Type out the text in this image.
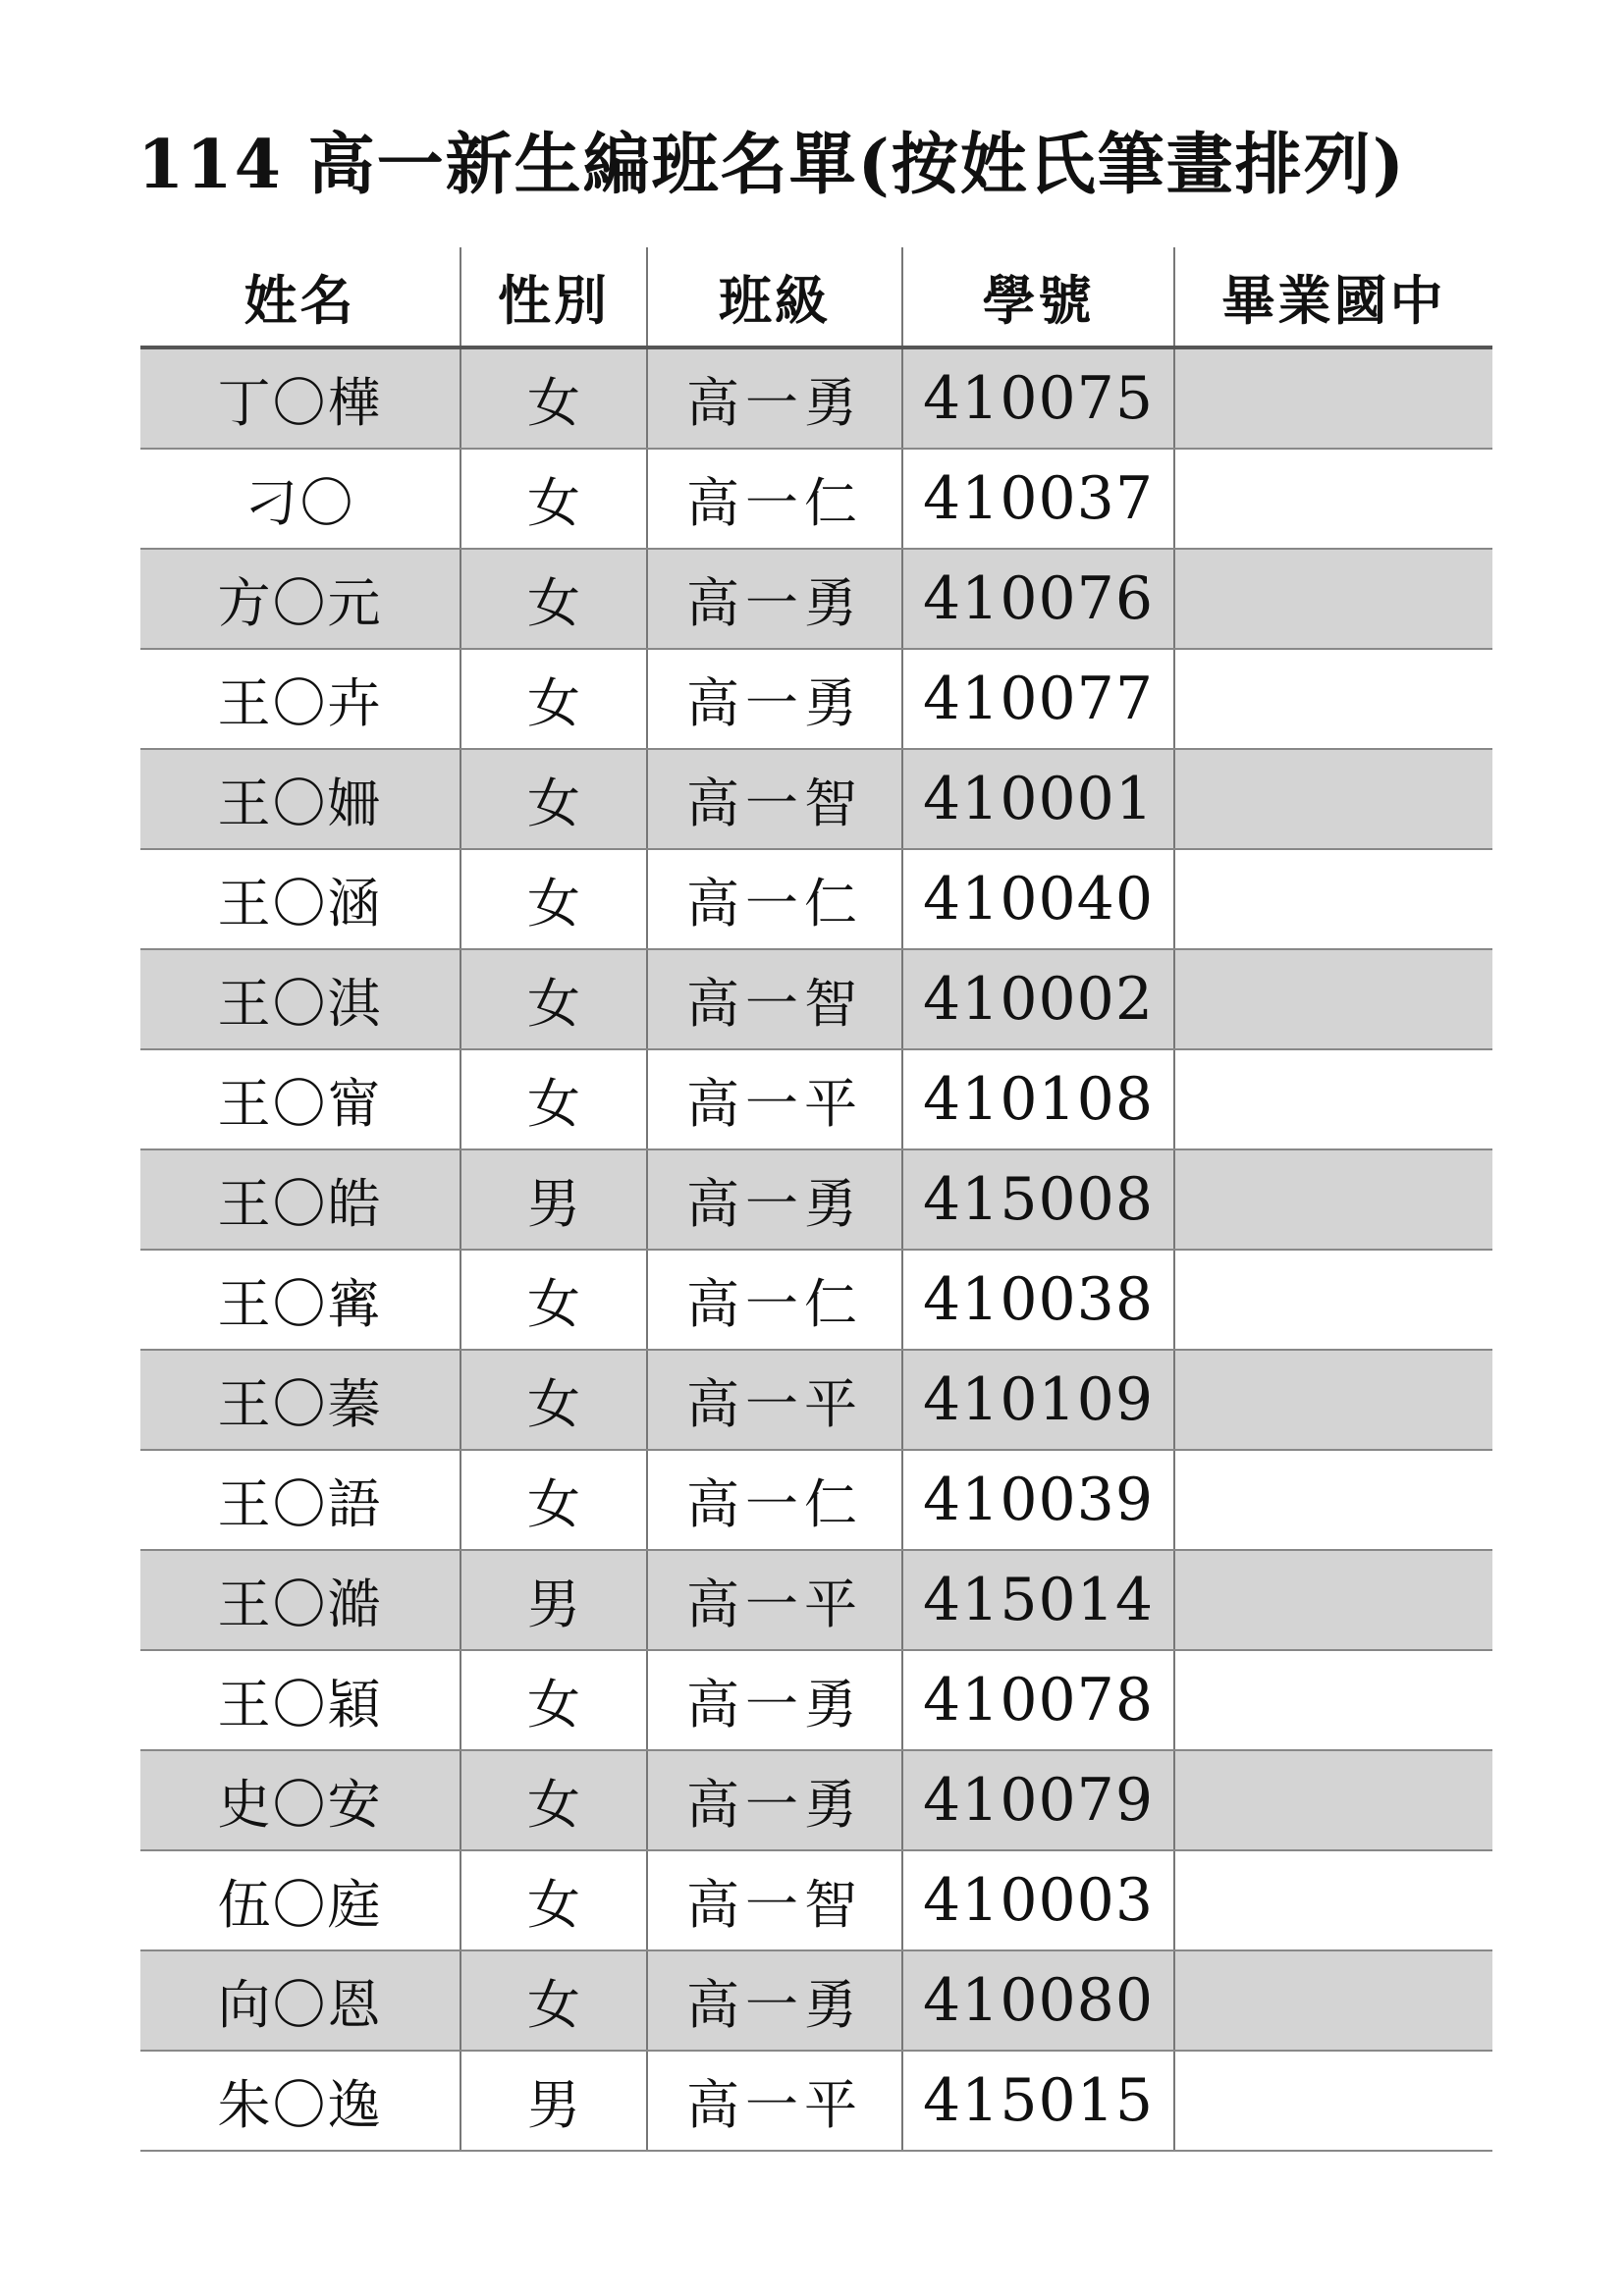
114 高一新生編班名單(按姓氏筆畫排列)
姓名	性別	班級	學號	畢業國中
丁〇樺	女	高一勇	410075	
刁〇	女	高一仁	410037	
方〇元	女	高一勇	410076	
王〇卉	女	高一勇	410077	
王〇姍	女	高一智	410001	
王〇涵	女	高一仁	410040	
王〇淇	女	高一智	410002	
王〇甯	女	高一平	410108	
王〇皓	男	高一勇	415008	
王〇寗	女	高一仁	410038	
王〇蓁	女	高一平	410109	
王〇語	女	高一仁	410039	
王〇澔	男	高一平	415014	
王〇穎	女	高一勇	410078	
史〇安	女	高一勇	410079	
伍〇庭	女	高一智	410003	
向〇恩	女	高一勇	410080	
朱〇逸	男	高一平	415015	
